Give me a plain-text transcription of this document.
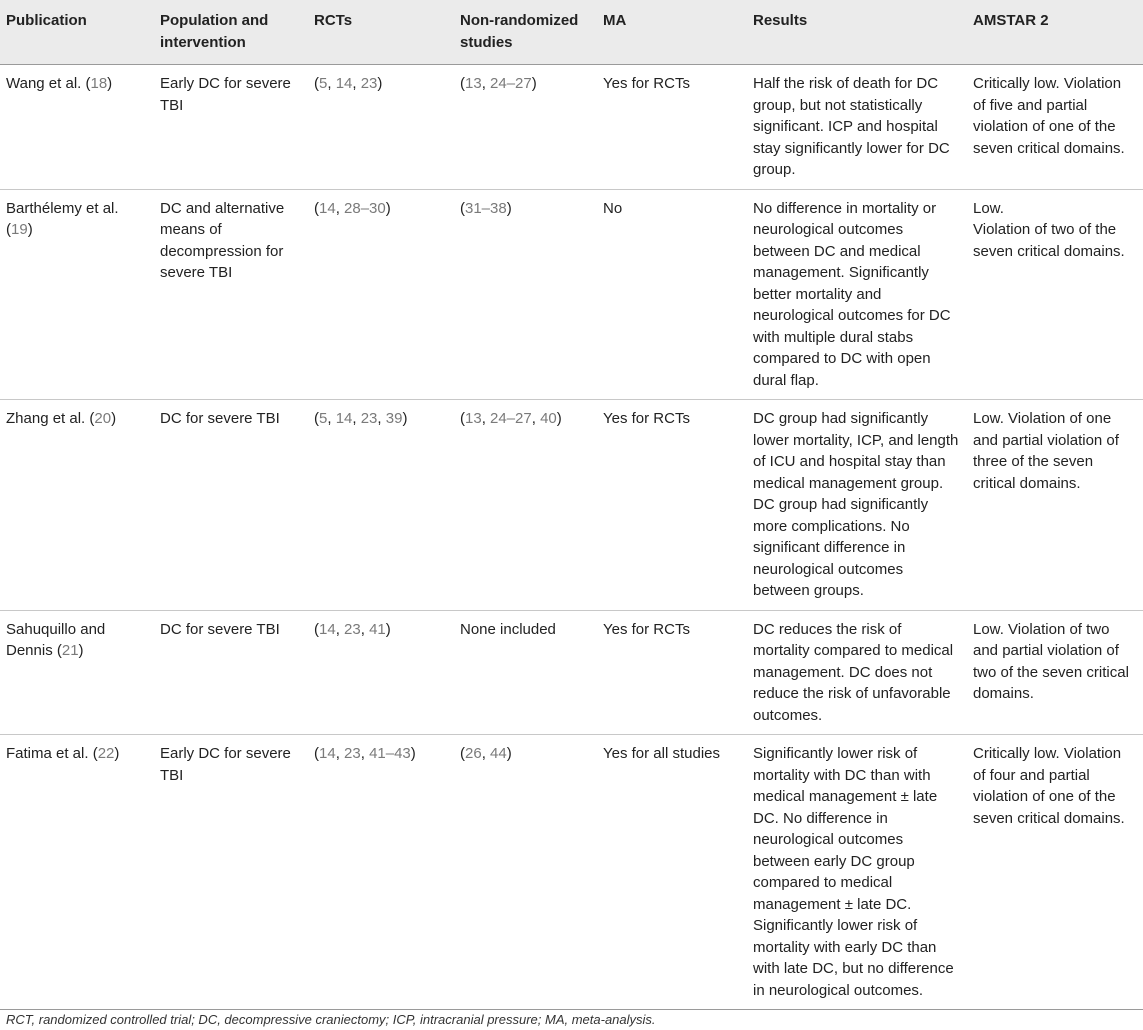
Publication	Population and intervention	RCTs	Non-randomized studies	MA	Results	AMSTAR 2
Wang et al. (18)	Early DC for severe TBI	(5, 14, 23)	(13, 24–27)	Yes for RCTs	Half the risk of death for DC group, but not statistically significant. ICP and hospital stay significantly lower for DC group.	Critically low. Violation of five and partial violation of one of the seven critical domains.
Barthélemy et al. (19)	DC and alternative means of decompression for severe TBI	(14, 28–30)	(31–38)	No	No difference in mortality or neurological outcomes between DC and medical management. Significantly better mortality and neurological outcomes for DC with multiple dural stabs compared to DC with open dural flap.	Low.
Violation of two of the seven critical domains.
Zhang et al. (20)	DC for severe TBI	(5, 14, 23, 39)	(13, 24–27, 40)	Yes for RCTs	DC group had significantly lower mortality, ICP, and length of ICU and hospital stay than medical management group. DC group had significantly more complications. No significant difference in neurological outcomes between groups.	Low. Violation of one and partial violation of three of the seven critical domains.
Sahuquillo and Dennis (21)	DC for severe TBI	(14, 23, 41)	None included	Yes for RCTs	DC reduces the risk of mortality compared to medical management. DC does not reduce the risk of unfavorable outcomes.	Low. Violation of two and partial violation of two of the seven critical domains.
Fatima et al. (22)	Early DC for severe TBI	(14, 23, 41–43)	(26, 44)	Yes for all studies	Significantly lower risk of mortality with DC than with medical management ± late DC. No difference in neurological outcomes between early DC group compared to medical management ± late DC. Significantly lower risk of mortality with early DC than with late DC, but no difference in neurological outcomes.	Critically low. Violation of four and partial violation of one of the seven critical domains.
RCT, randomized controlled trial; DC, decompressive craniectomy; ICP, intracranial pressure; MA, meta-analysis.
